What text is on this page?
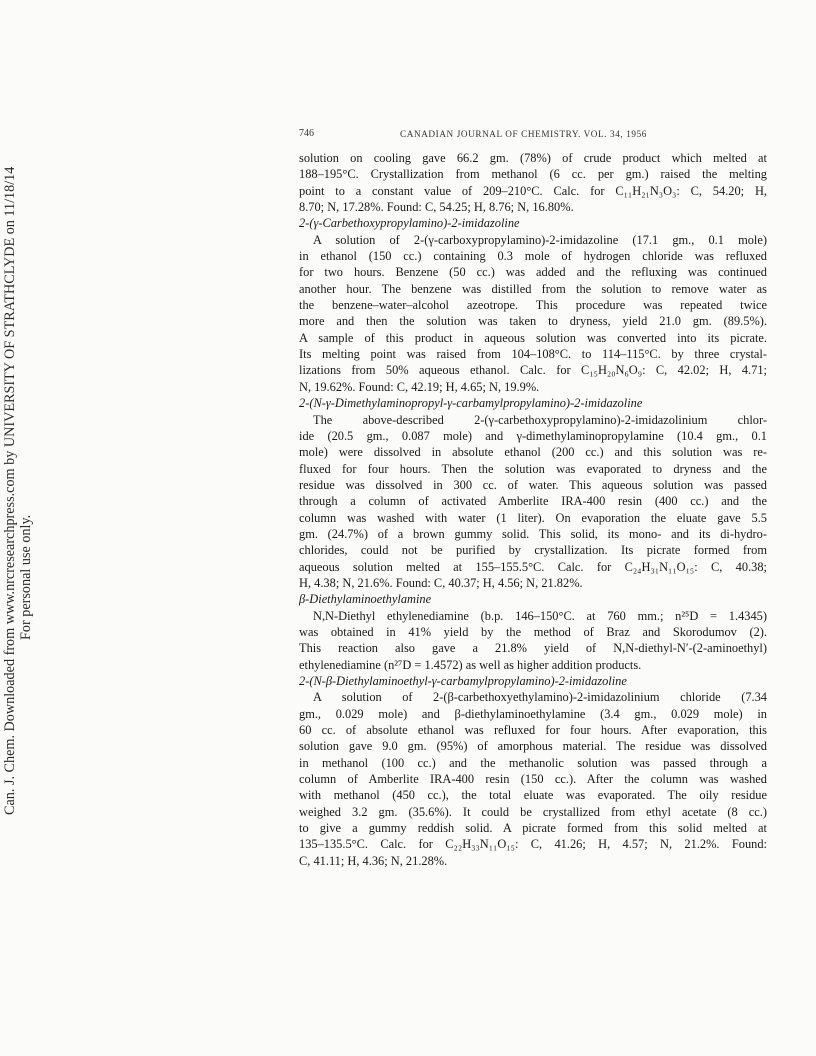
Can. J. Chem. Downloaded from www.nrcresearchpress.com by UNIVERSITY OF STRATHCLYDE on 11/18/14 For personal use only.
746	CANADIAN JOURNAL OF CHEMISTRY. VOL. 34, 1956
solution on cooling gave 66.2 gm. (78%) of crude product which melted at
188–195°C. Crystallization from methanol (6 cc. per gm.) raised the melting
point to a constant value of 209–210°C. Calc. for C₁₁H₂₁N₃O₃: C, 54.20; H,
8.70; N, 17.28%. Found: C, 54.25; H, 8.76; N, 16.80%.
2-(γ-Carbethoxypropylamino)-2-imidazoline
A solution of 2-(γ-carboxypropylamino)-2-imidazoline (17.1 gm., 0.1 mole)
in ethanol (150 cc.) containing 0.3 mole of hydrogen chloride was refluxed
for two hours. Benzene (50 cc.) was added and the refluxing was continued
another hour. The benzene was distilled from the solution to remove water as
the benzene–water–alcohol azeotrope. This procedure was repeated twice
more and then the solution was taken to dryness, yield 21.0 gm. (89.5%).
A sample of this product in aqueous solution was converted into its picrate.
Its melting point was raised from 104–108°C. to 114–115°C. by three crystal-
lizations from 50% aqueous ethanol. Calc. for C₁₅H₂₀N₆O₉: C, 42.02; H, 4.71;
N, 19.62%. Found: C, 42.19; H, 4.65; N, 19.9%.
2-(N-γ-Dimethylaminopropyl-γ-carbamylpropylamino)-2-imidazoline
The above-described 2-(γ-carbethoxypropylamino)-2-imidazolinium chlor-
ide (20.5 gm., 0.087 mole) and γ-dimethylaminopropylamine (10.4 gm., 0.1
mole) were dissolved in absolute ethanol (200 cc.) and this solution was re-
fluxed for four hours. Then the solution was evaporated to dryness and the
residue was dissolved in 300 cc. of water. This aqueous solution was passed
through a column of activated Amberlite IRA-400 resin (400 cc.) and the
column was washed with water (1 liter). On evaporation the eluate gave 5.5
gm. (24.7%) of a brown gummy solid. This solid, its mono- and its di-hydro-
chlorides, could not be purified by crystallization. Its picrate formed from
aqueous solution melted at 155–155.5°C. Calc. for C₂₄H₃₁N₁₁O₁₅: C, 40.38;
H, 4.38; N, 21.6%. Found: C, 40.37; H, 4.56; N, 21.82%.
β-Diethylaminoethylamine
N,N-Diethyl ethylenediamine (b.p. 146–150°C. at 760 mm.; n²⁵D = 1.4345)
was obtained in 41% yield by the method of Braz and Skorodumov (2).
This reaction also gave a 21.8% yield of N,N-diethyl-N′-(2-aminoethyl)
ethylenediamine (n²⁷D = 1.4572) as well as higher addition products.
2-(N-β-Diethylaminoethyl-γ-carbamylpropylamino)-2-imidazoline
A solution of 2-(β-carbethoxyethylamino)-2-imidazolinium chloride (7.34
gm., 0.029 mole) and β-diethylaminoethylamine (3.4 gm., 0.029 mole) in
60 cc. of absolute ethanol was refluxed for four hours. After evaporation, this
solution gave 9.0 gm. (95%) of amorphous material. The residue was dissolved
in methanol (100 cc.) and the methanolic solution was passed through a
column of Amberlite IRA-400 resin (150 cc.). After the column was washed
with methanol (450 cc.), the total eluate was evaporated. The oily residue
weighed 3.2 gm. (35.6%). It could be crystallized from ethyl acetate (8 cc.)
to give a gummy reddish solid. A picrate formed from this solid melted at
135–135.5°C. Calc. for C₂₂H₃₃N₁₁O₁₅: C, 41.26; H, 4.57; N, 21.2%. Found:
C, 41.11; H, 4.36; N, 21.28%.
